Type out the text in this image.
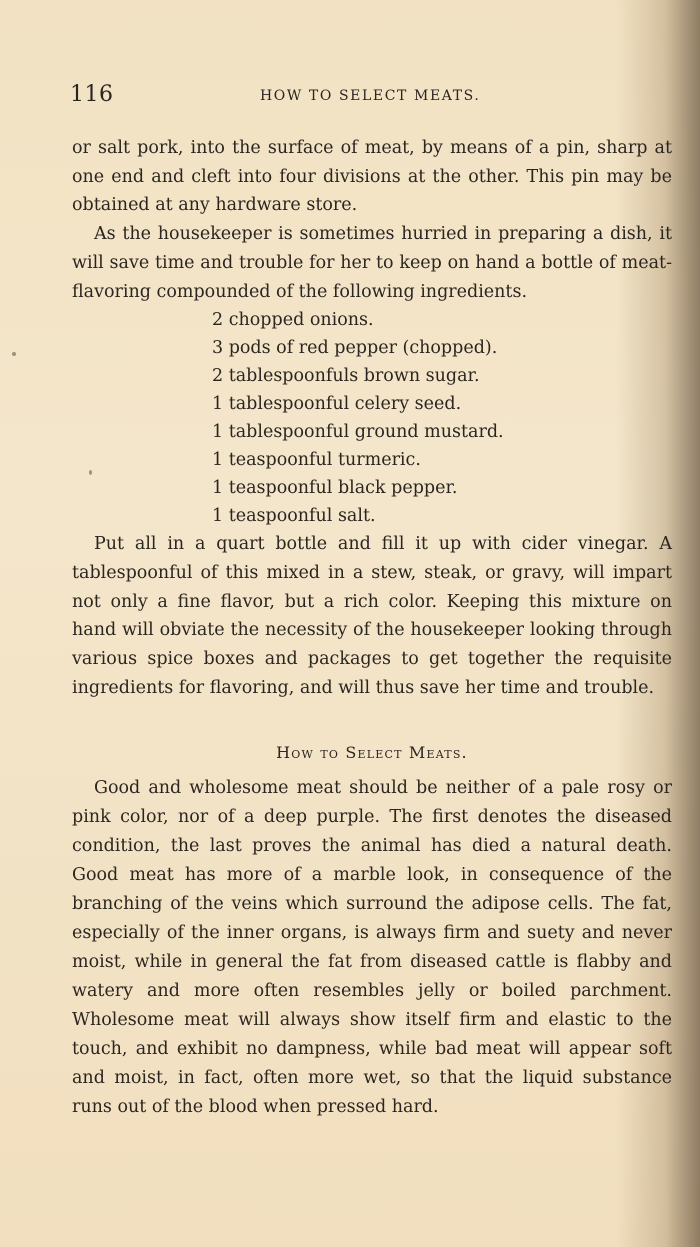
116	HOW TO SELECT MEATS.

or salt pork, into the surface of meat, by means of a pin, sharp at one end and cleft into four divisions at the other. This pin may be obtained at any hardware store.

As the housekeeper is sometimes hurried in preparing a dish, it will save time and trouble for her to keep on hand a bottle of meat-flavoring compounded of the following ingredients.

2 chopped onions.
3 pods of red pepper (chopped).
2 tablespoonfuls brown sugar.
1 tablespoonful celery seed.
1 tablespoonful ground mustard.
1 teaspoonful turmeric.
1 teaspoonful black pepper.
1 teaspoonful salt.

Put all in a quart bottle and fill it up with cider vinegar. A tablespoonful of this mixed in a stew, steak, or gravy, will impart not only a fine flavor, but a rich color. Keeping this mixture on hand will obviate the necessity of the housekeeper looking through various spice boxes and packages to get together the requisite ingredients for flavoring, and will thus save her time and trouble.

How to Select Meats.

Good and wholesome meat should be neither of a pale rosy or pink color, nor of a deep purple. The first denotes the diseased condition, the last proves the animal has died a natural death. Good meat has more of a marble look, in consequence of the branching of the veins which surround the adipose cells. The fat, especially of the inner organs, is always firm and suety and never moist, while in general the fat from diseased cattle is flabby and watery and more often resembles jelly or boiled parchment. Wholesome meat will always show itself firm and elastic to the touch, and exhibit no dampness, while bad meat will appear soft and moist, in fact, often more wet, so that the liquid substance runs out of the blood when pressed hard.
